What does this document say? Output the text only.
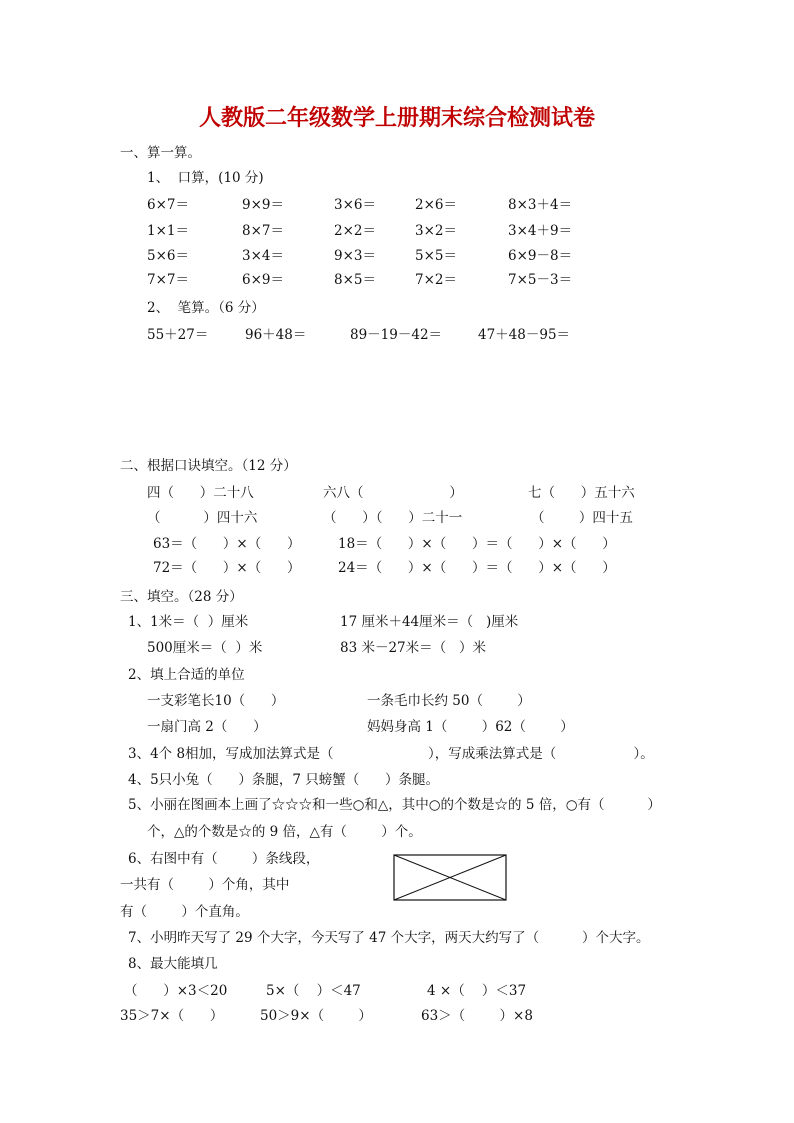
人教版二年级数学上册期末综合检测试卷
一、算一算。
1、  口算，(10 分)
6×7＝	9×9＝	3×6＝	2×6＝	8×3＋4＝
1×1＝	8×7＝	2×2＝	3×2＝	3×4＋9＝
5×6＝	3×4＝	9×3＝	5×5＝	6×9－8＝
7×7＝	6×9＝	8×5＝	7×2＝	7×5－3＝
2、  笔算。（6 分）
55＋27＝	96＋48＝	89－19－42＝	47＋48－95＝
二、根据口诀填空。（12 分）
四（      ）二十八	六八（                    ）	七（      ）五十六
（          ）四十六	（      ）（      ）二十一	（        ）四十五
63＝（      ）×（      ）	18＝（      ）×（      ）＝（      ）×（      ）
72＝（      ）×（      ）	24＝（      ）×（      ）＝（      ）×（      ）
三、填空。（28 分）
1、1米＝（  ）厘米	17 厘米＋44厘米＝（   )厘米
500厘米＝（  ）米	83 米－27米＝（   ）米
2、填上合适的单位
一支彩笔长10（      ）	一条毛巾长约 50（        ）
一扇门高 2（      ）	妈妈身高 1（        ）62（        ）
3、4个 8相加，写成加法算式是（                      ），写成乘法算式是（                  ）。
4、5只小兔（      ）条腿，7 只螃蟹（      ）条腿。
5、小丽在图画本上画了☆☆☆和一些○和△，其中○的个数是☆的 5 倍，○有（          ）
个，△的个数是☆的 9 倍，△有（        ）个。
6、右图中有（        ）条线段，
一共有（        ）个角，其中
有（        ）个直角。
7、小明昨天写了 29 个大字，今天写了 47 个大字，两天大约写了（          ）个大字。
8、最大能填几
（      ）×3＜20	5×（    ）＜47	4 ×（    ）＜37
35＞7×（      ）	50＞9×（        ）	63＞（        ）×8
